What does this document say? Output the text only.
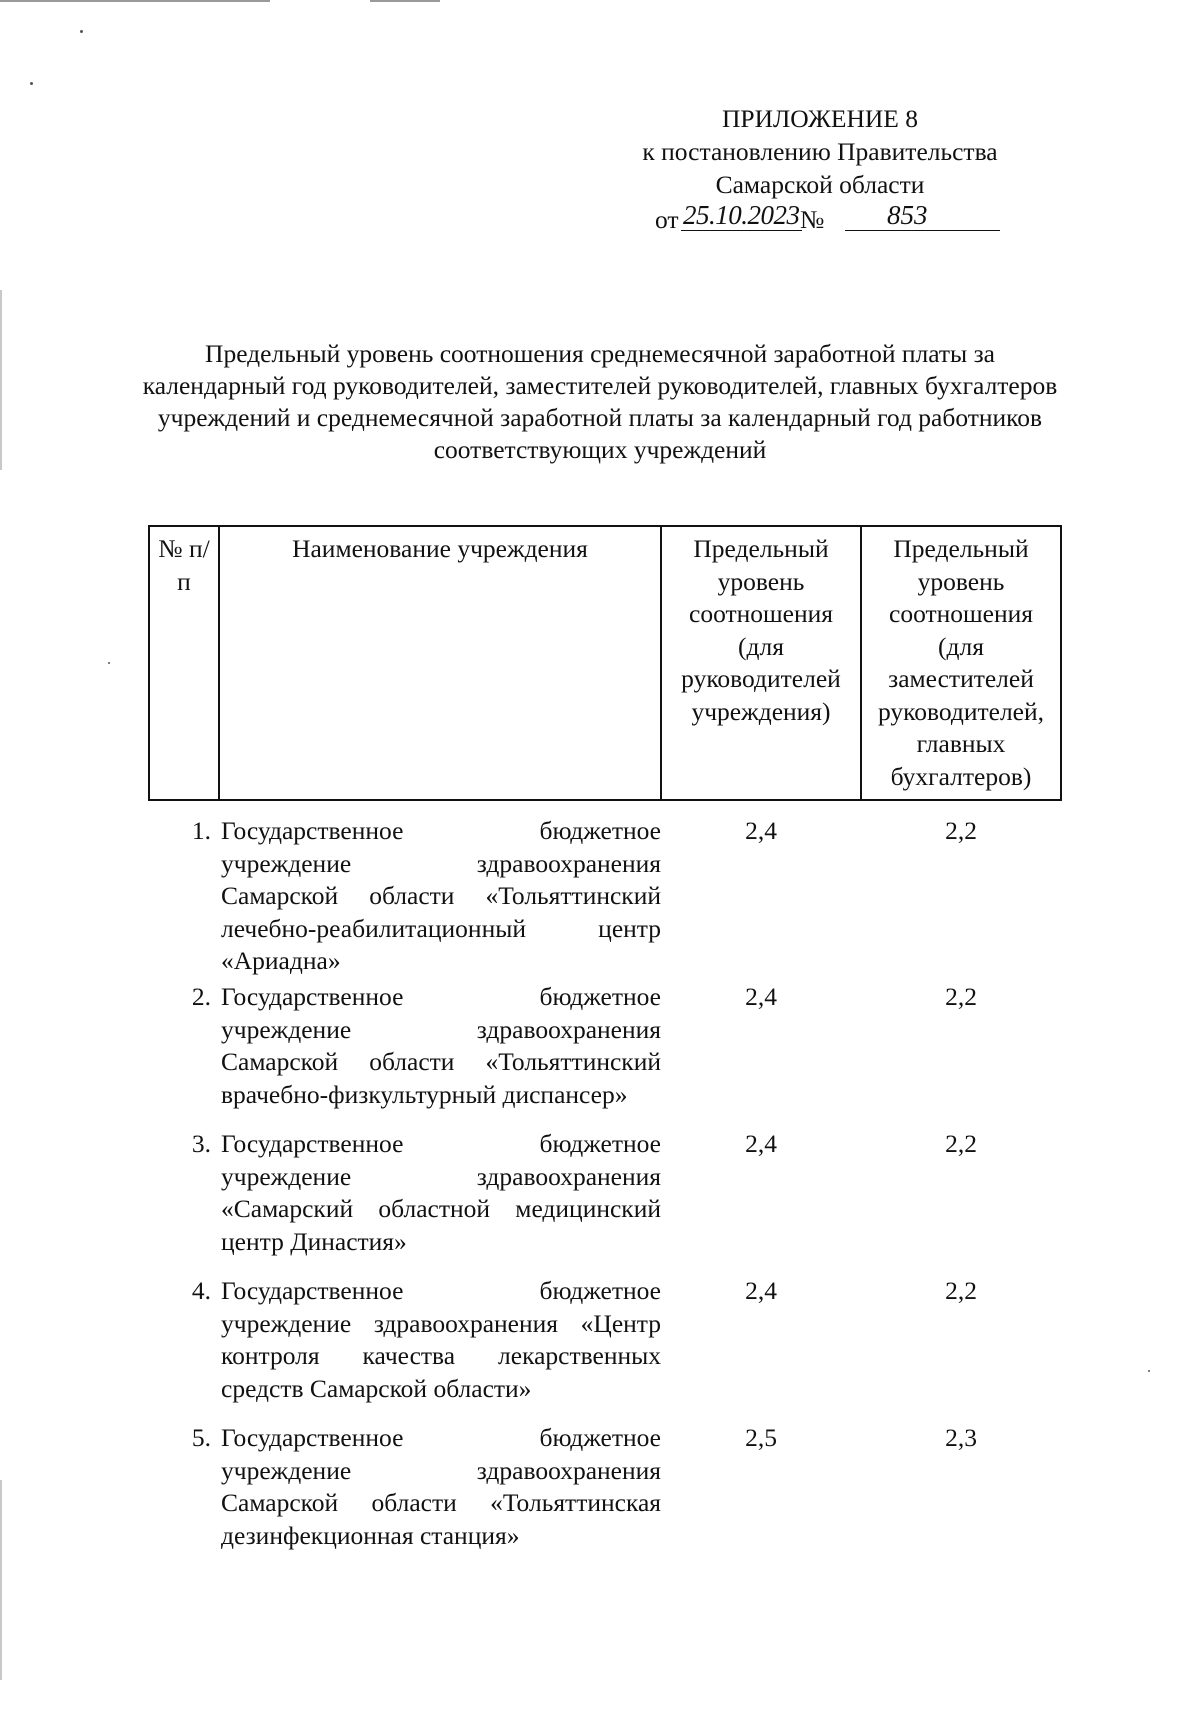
ПРИЛОЖЕНИЕ 8
к постановлению Правительства
Самарской области
от 25.10.2023 №	853
Предельный уровень соотношения среднемесячной заработной платы за календарный год руководителей, заместителей руководителей, главных бухгалтеров учреждений и среднемесячной заработной платы за календарный год работников соответствующих учреждений
№ п/п	Наименование учреждения	Предельный уровень соотношения (для руководителей учреждения)	Предельный уровень соотношения (для заместителей руководителей, главных бухгалтеров)
1.	Государственное бюджетное учреждение здравоохранения Самарской области «Тольяттинский лечебно-реабилитационный центр «Ариадна»	2,4	2,2
2.	Государственное бюджетное учреждение здравоохранения Самарской области «Тольяттинский врачебно-физкультурный диспансер»	2,4	2,2
3.	Государственное бюджетное учреждение здравоохранения «Самарский областной медицинский центр Династия»	2,4	2,2
4.	Государственное бюджетное учреждение здравоохранения «Центр контроля качества лекарственных средств Самарской области»	2,4	2,2
5.	Государственное бюджетное учреждение здравоохранения Самарской области «Тольяттинская дезинфекционная станция»	2,5	2,3
